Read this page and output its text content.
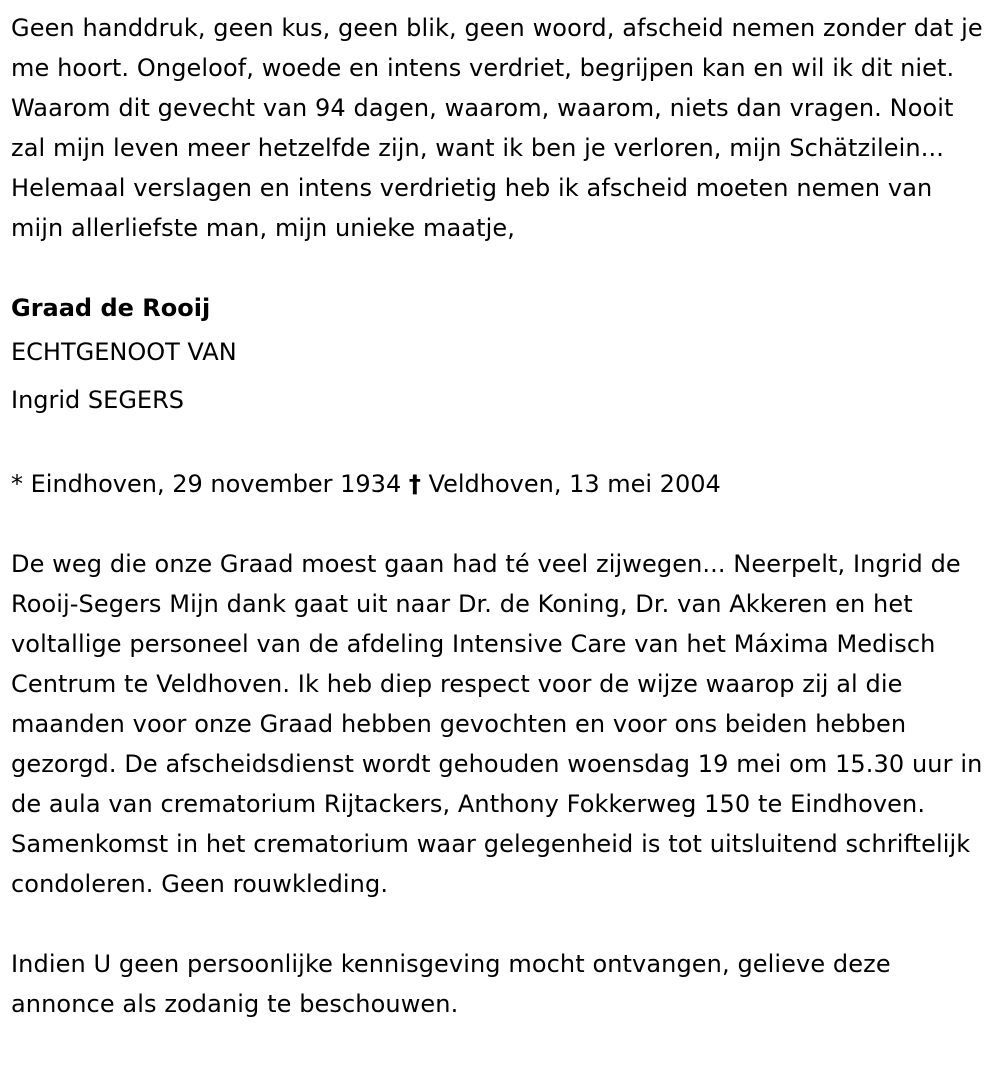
Geen handdruk, geen kus, geen blik, geen woord, afscheid nemen zonder dat je me hoort. Ongeloof, woede en intens verdriet, begrijpen kan en wil ik dit niet. Waarom dit gevecht van 94 dagen, waarom, waarom, niets dan vragen. Nooit zal mijn leven meer hetzelfde zijn, want ik ben je verloren, mijn Schätzilein... Helemaal verslagen en intens verdrietig heb ik afscheid moeten nemen van mijn allerliefste man, mijn unieke maatje,

Graad de Rooij

ECHTGENOOT VAN

Ingrid SEGERS

* Eindhoven, 29 november 1934 † Veldhoven, 13 mei 2004

De weg die onze Graad moest gaan had té veel zijwegen... Neerpelt, Ingrid de Rooij-Segers Mijn dank gaat uit naar Dr. de Koning, Dr. van Akkeren en het voltallige personeel van de afdeling Intensive Care van het Máxima Medisch Centrum te Veldhoven. Ik heb diep respect voor de wijze waarop zij al die maanden voor onze Graad hebben gevochten en voor ons beiden hebben gezorgd. De afscheidsdienst wordt gehouden woensdag 19 mei om 15.30 uur in de aula van crematorium Rijtackers, Anthony Fokkerweg 150 te Eindhoven. Samenkomst in het crematorium waar gelegenheid is tot uitsluitend schriftelijk condoleren. Geen rouwkleding.

Indien U geen persoonlijke kennisgeving mocht ontvangen, gelieve deze annonce als zodanig te beschouwen.
